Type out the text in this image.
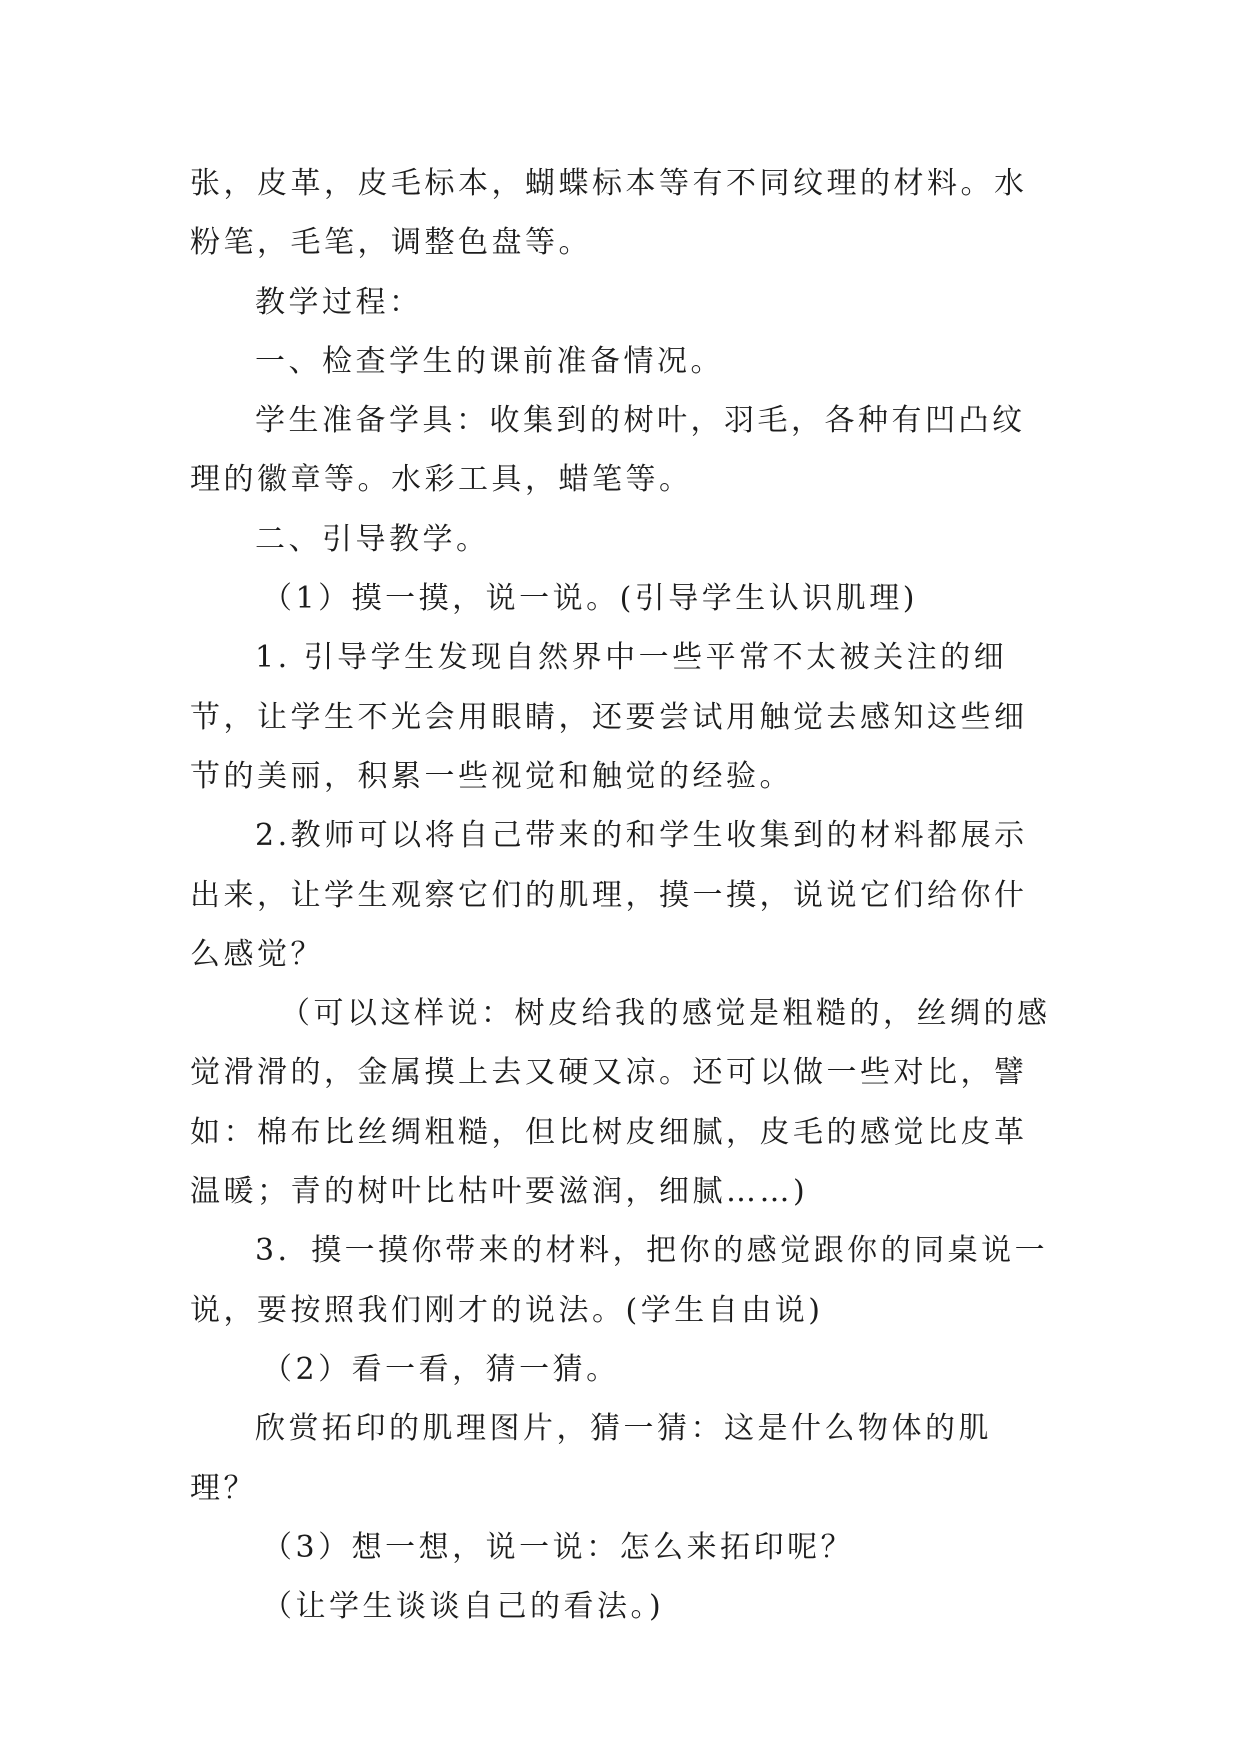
张，皮革，皮毛标本，蝴蝶标本等有不同纹理的材料。水粉笔，毛笔，调整色盘等。

教学过程：

一、检查学生的课前准备情况。

学生准备学具：收集到的树叶，羽毛，各种有凹凸纹理的徽章等。水彩工具，蜡笔等。

二、引导教学。

（1）摸一摸，说一说。(引导学生认识肌理)

1. 引导学生发现自然界中一些平常不太被关注的细节，让学生不光会用眼睛，还要尝试用触觉去感知这些细节的美丽，积累一些视觉和触觉的经验。

2.教师可以将自己带来的和学生收集到的材料都展示出来，让学生观察它们的肌理，摸一摸，说说它们给你什么感觉？

（可以这样说：树皮给我的感觉是粗糙的，丝绸的感觉滑滑的，金属摸上去又硬又凉。还可以做一些对比，譬如：棉布比丝绸粗糙，但比树皮细腻，皮毛的感觉比皮革温暖；青的树叶比枯叶要滋润，细腻……)

3．摸一摸你带来的材料，把你的感觉跟你的同桌说一说，要按照我们刚才的说法。(学生自由说)

（2）看一看，猜一猜。

欣赏拓印的肌理图片，猜一猜：这是什么物体的肌理？

（3）想一想，说一说：怎么来拓印呢？

（让学生谈谈自己的看法。)
